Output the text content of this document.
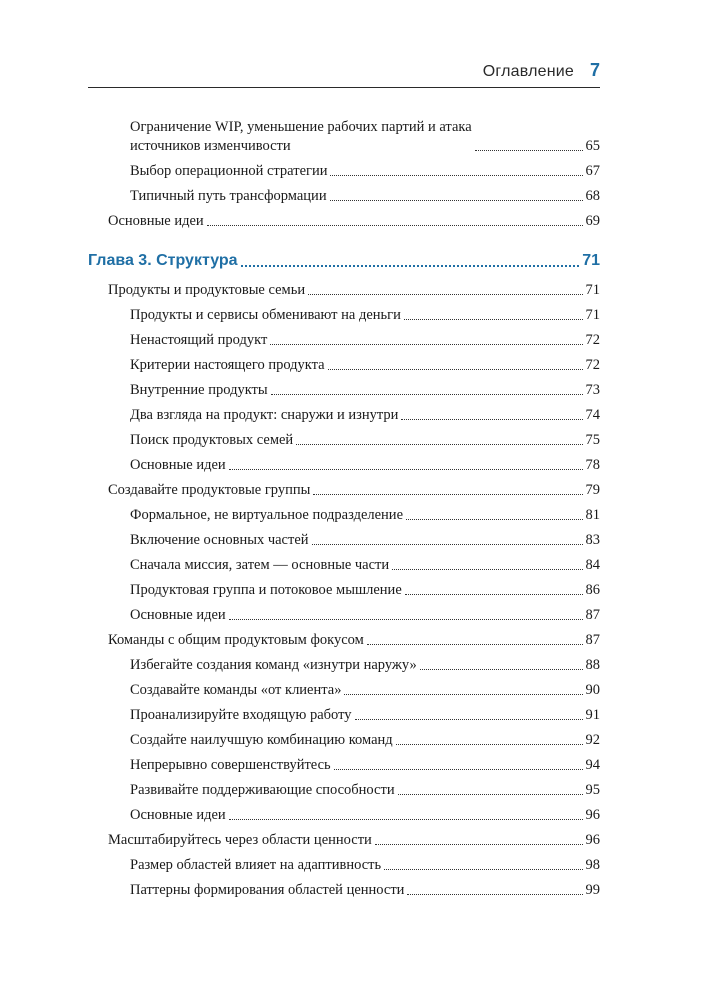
Оглавление 7
Ограничение WIP, уменьшение рабочих партий и атака
источников изменчивости	65
Выбор операционной стратегии	67
Типичный путь трансформации	68
Основные идеи	69
Глава 3. Структура	71
Продукты и продуктовые семьи	71
Продукты и сервисы обменивают на деньги	71
Ненастоящий продукт	72
Критерии настоящего продукта	72
Внутренние продукты	73
Два взгляда на продукт: снаружи и изнутри	74
Поиск продуктовых семей	75
Основные идеи	78
Создавайте продуктовые группы	79
Формальное, не виртуальное подразделение	81
Включение основных частей	83
Сначала миссия, затем — основные части	84
Продуктовая группа и потоковое мышление	86
Основные идеи	87
Команды с общим продуктовым фокусом	87
Избегайте создания команд «изнутри наружу»	88
Создавайте команды «от клиента»	90
Проанализируйте входящую работу	91
Создайте наилучшую комбинацию команд	92
Непрерывно совершенствуйтесь	94
Развивайте поддерживающие способности	95
Основные идеи	96
Масштабируйтесь через области ценности	96
Размер областей влияет на адаптивность	98
Паттерны формирования областей ценности	99
